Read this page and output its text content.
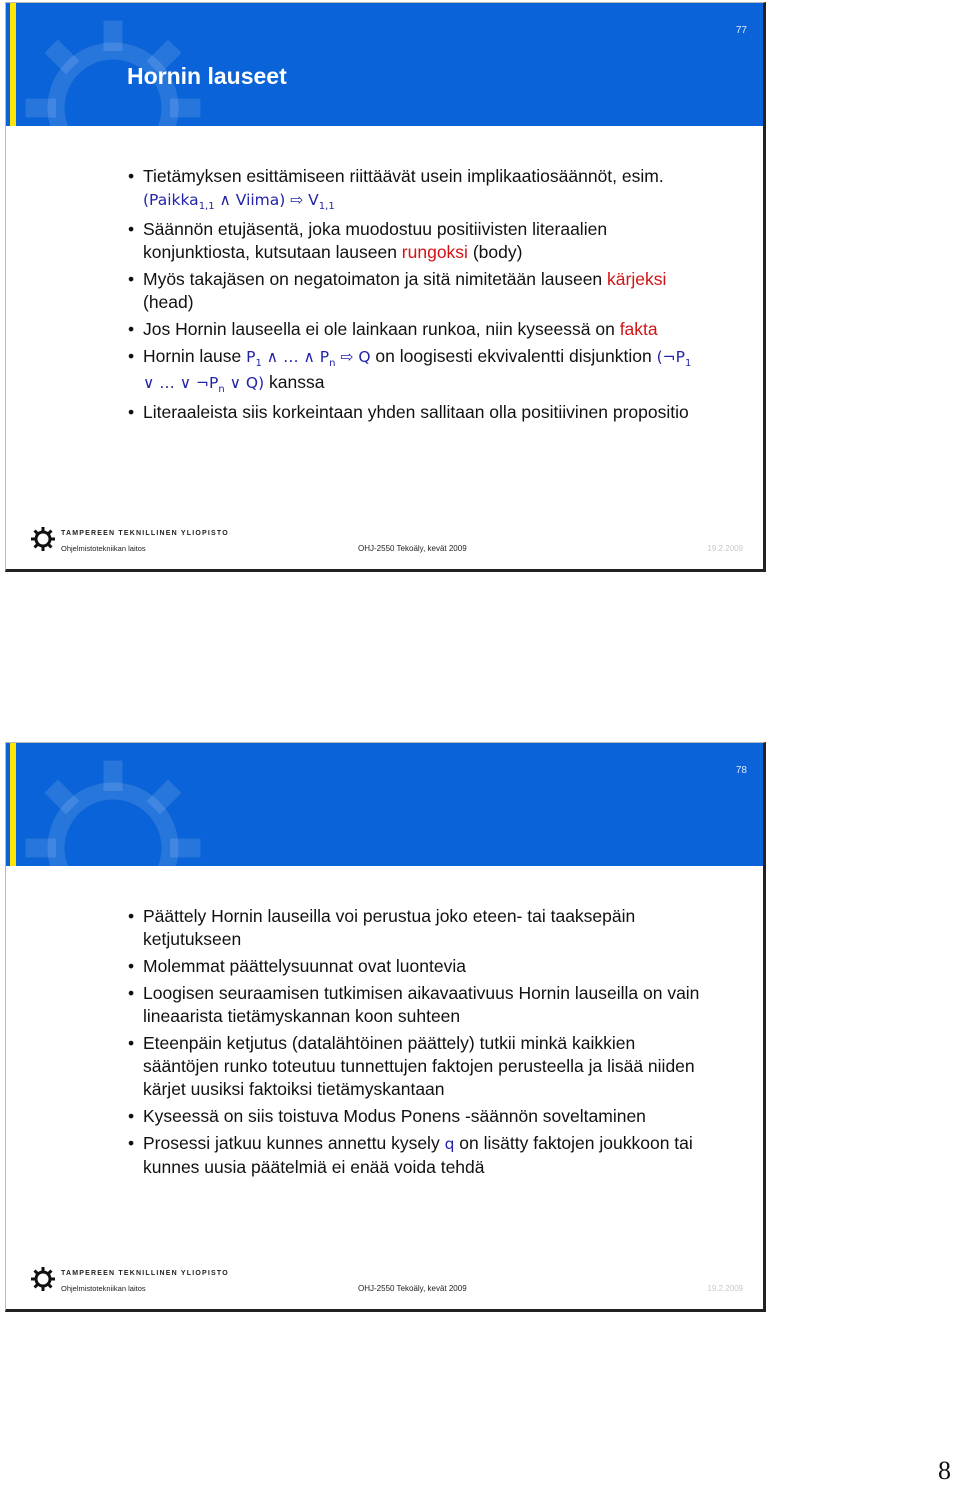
77
Hornin lauseet
• Tietämyksen esittämiseen riittäävät usein implikaatiosäännöt, esim. (Paikka$_{1,1}$ ∧ Viima) ⇨ $V_{1,1}$
• Säännön etujäsentä, joka muodostuu positiivisten literaalien konjunktiosta, kutsutaan lauseen rungoksi (body)
• Myös takajäsen on negatoimaton ja sitä nimitetään lauseen kärjeksi (head)
• Jos Hornin lauseella ei ole lainkaan runkoa, niin kyseessä on fakta
• Hornin lause $P_1$ ∧ … ∧ $P_n$ ⇨ Q on loogisesti ekvivalentti disjunktion ($\neg P_1$ ∨ … ∨ $\neg P_n$ ∨ Q) kanssa
• Literaaleista siis korkeintaan yhden sallitaan olla positiivinen propositio
TAMPEREEN TEKNILLINEN YLIOPISTO
Ohjelmistotekniikan laitos	OHJ-2550 Tekoäly, kevät 2009	19.2.2009
78
• Päättely Hornin lauseilla voi perustua joko eteen- tai taaksepäin ketjutukseen
• Molemmat päättelysuunnat ovat luontevia
• Loogisen seuraamisen tutkimisen aikavaativuus Hornin lauseilla on vain lineaarista tietämyskannan koon suhteen
• Eteenpäin ketjutus (datalähtöinen päättely) tutkii minkä kaikkien sääntöjen runko toteutuu tunnettujen faktojen perusteella ja lisää niiden kärjet uusiksi faktoiksi tietämyskantaan
• Kyseessä on siis toistuva Modus Ponens -säännön soveltaminen
• Prosessi jatkuu kunnes annettu kysely q on lisätty faktojen joukkoon tai kunnes uusia päätelmiä ei enää voida tehdä
TAMPEREEN TEKNILLINEN YLIOPISTO
Ohjelmistotekniikan laitos	OHJ-2550 Tekoäly, kevät 2009	19.2.2009
8
